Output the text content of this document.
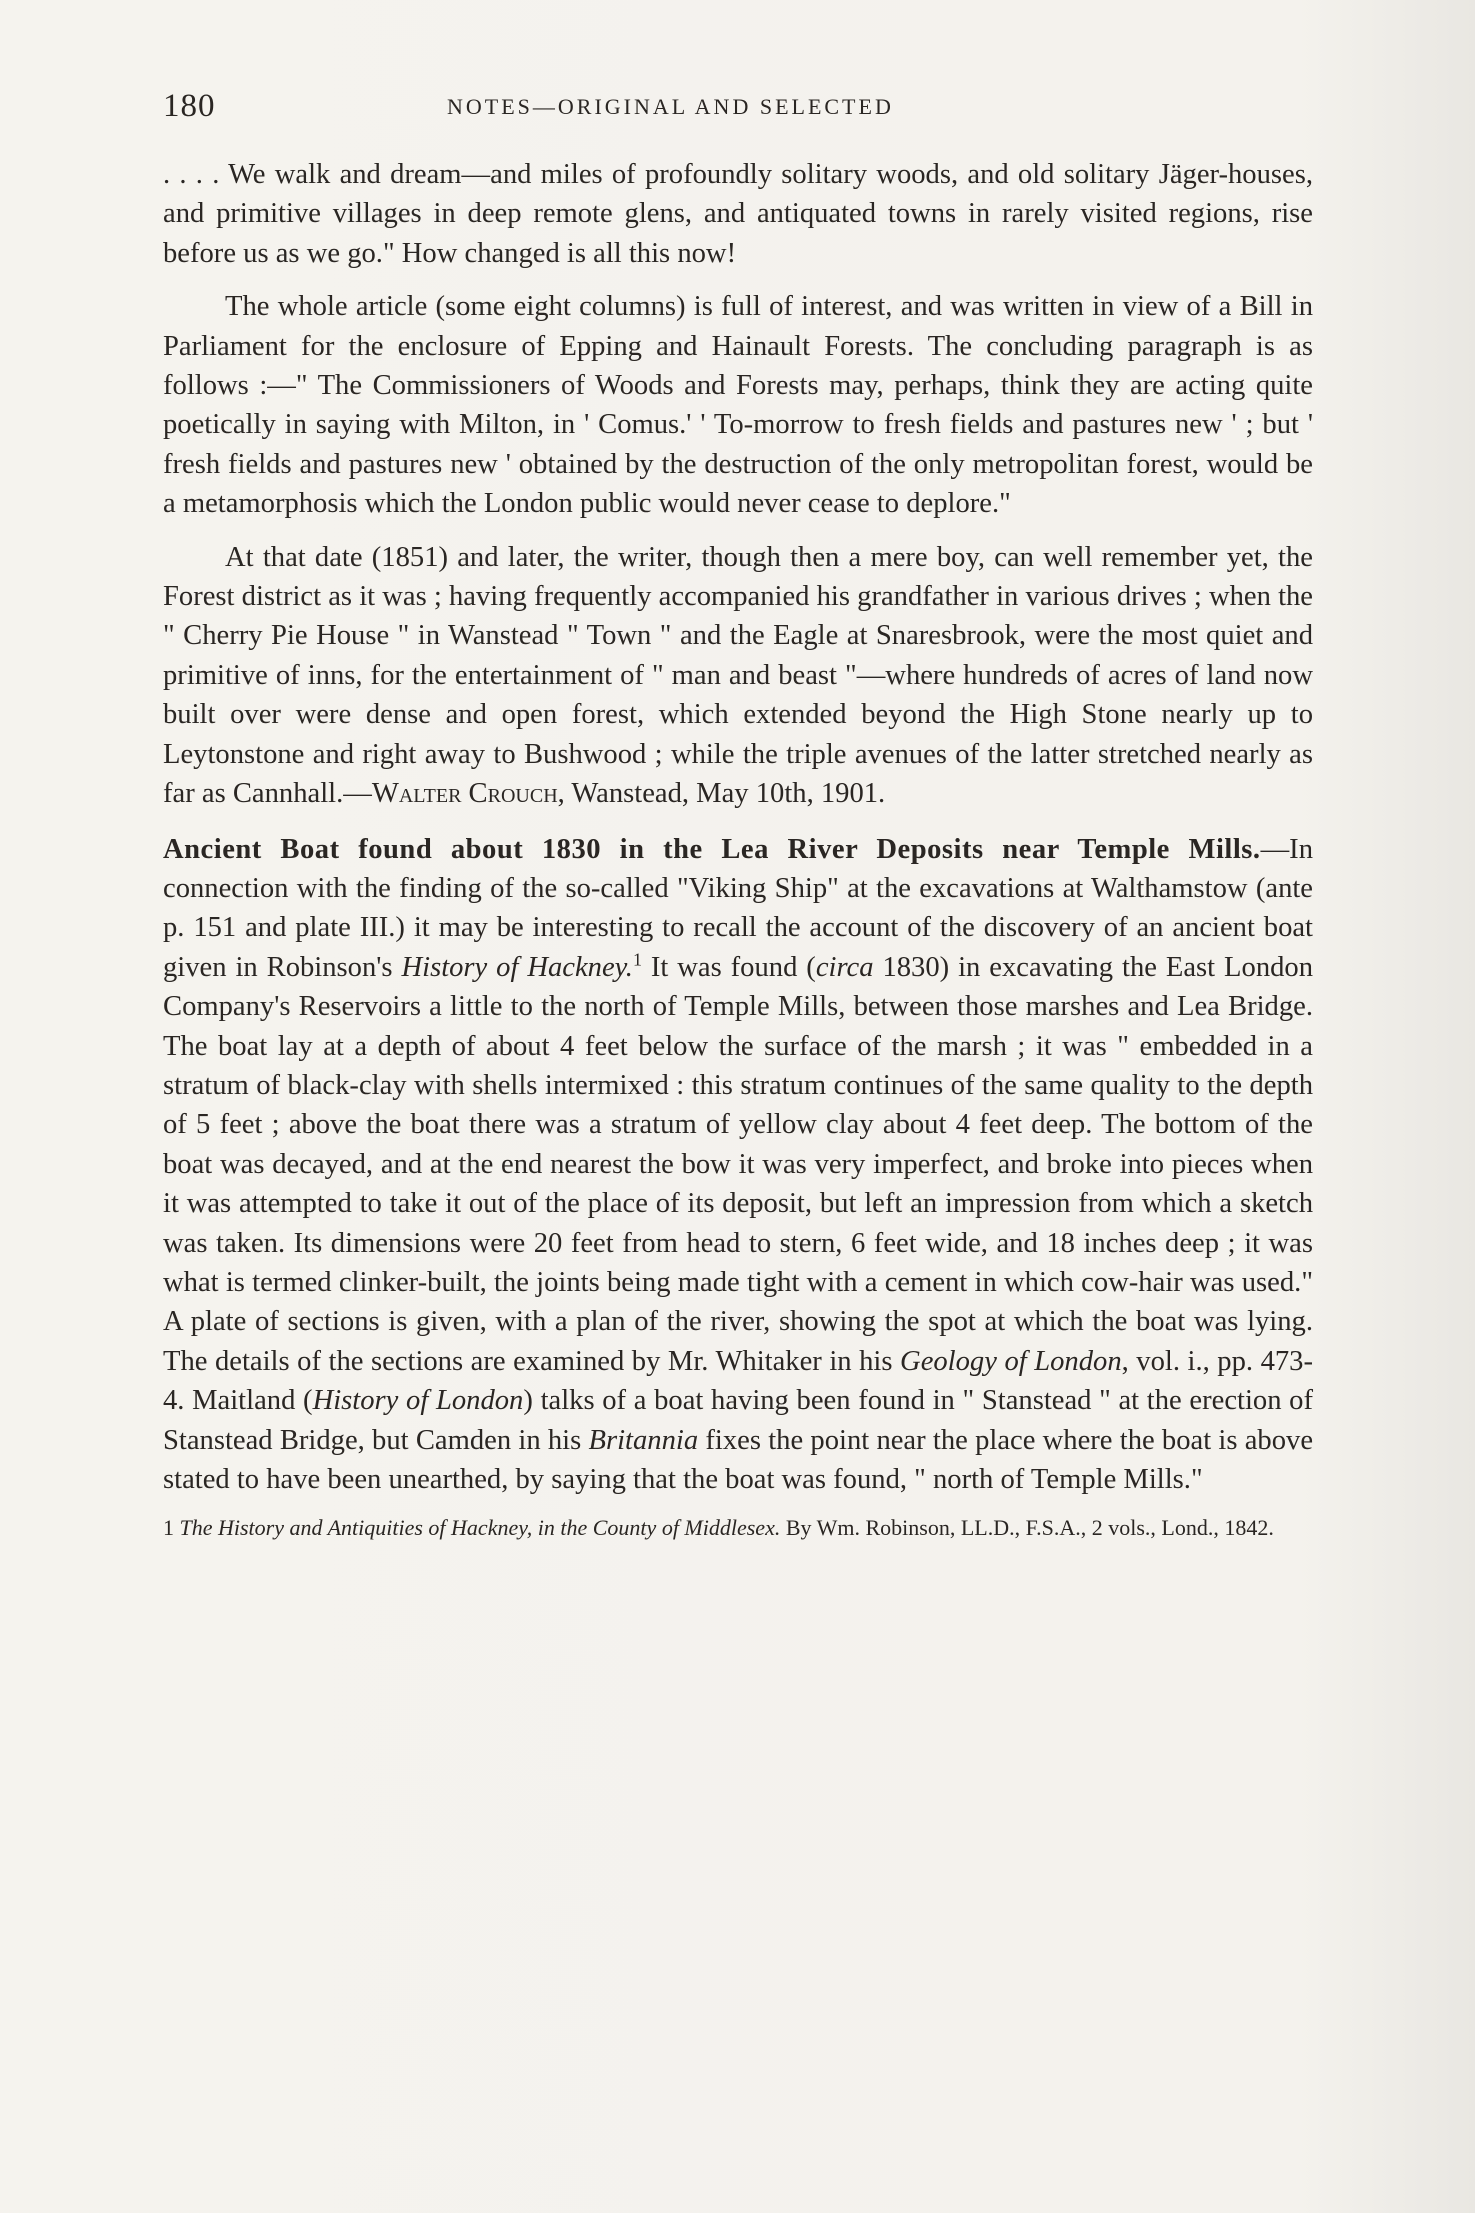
180	NOTES—ORIGINAL AND SELECTED

. . . . We walk and dream—and miles of profoundly solitary woods, and old solitary Jäger-houses, and primitive villages in deep remote glens, and antiquated towns in rarely visited regions, rise before us as we go." How changed is all this now!

The whole article (some eight columns) is full of interest, and was written in view of a Bill in Parliament for the enclosure of Epping and Hainault Forests. The concluding paragraph is as follows :—" The Commissioners of Woods and Forests may, perhaps, think they are acting quite poetically in saying with Milton, in ' Comus.' ' To-morrow to fresh fields and pastures new ' ; but ' fresh fields and pastures new ' obtained by the destruction of the only metropolitan forest, would be a metamorphosis which the London public would never cease to deplore."

At that date (1851) and later, the writer, though then a mere boy, can well remember yet, the Forest district as it was ; having frequently accompanied his grandfather in various drives ; when the " Cherry Pie House " in Wanstead " Town " and the Eagle at Snaresbrook, were the most quiet and primitive of inns, for the entertainment of " man and beast "—where hundreds of acres of land now built over were dense and open forest, which extended beyond the High Stone nearly up to Leytonstone and right away to Bushwood ; while the triple avenues of the latter stretched nearly as far as Cannhall.—Walter Crouch, Wanstead, May 10th, 1901.

Ancient Boat found about 1830 in the Lea River Deposits near Temple Mills.—In connection with the finding of the so-called "Viking Ship" at the excavations at Walthamstow (ante p. 151 and plate III.) it may be interesting to recall the account of the discovery of an ancient boat given in Robinson's History of Hackney.$^1$ It was found (circa 1830) in excavating the East London Company's Reservoirs a little to the north of Temple Mills, between those marshes and Lea Bridge. The boat lay at a depth of about 4 feet below the surface of the marsh ; it was " embedded in a stratum of black-clay with shells intermixed : this stratum continues of the same quality to the depth of 5 feet ; above the boat there was a stratum of yellow clay about 4 feet deep. The bottom of the boat was decayed, and at the end nearest the bow it was very imperfect, and broke into pieces when it was attempted to take it out of the place of its deposit, but left an impression from which a sketch was taken. Its dimensions were 20 feet from head to stern, 6 feet wide, and 18 inches deep ; it was what is termed clinker-built, the joints being made tight with a cement in which cow-hair was used." A plate of sections is given, with a plan of the river, showing the spot at which the boat was lying. The details of the sections are examined by Mr. Whitaker in his Geology of London, vol. i., pp. 473-4. Maitland (History of London) talks of a boat having been found in " Stanstead " at the erection of Stanstead Bridge, but Camden in his Britannia fixes the point near the place where the boat is above stated to have been unearthed, by saying that the boat was found, " north of Temple Mills."

1 The History and Antiquities of Hackney, in the County of Middlesex. By Wm. Robinson, LL.D., F.S.A., 2 vols., Lond., 1842.
